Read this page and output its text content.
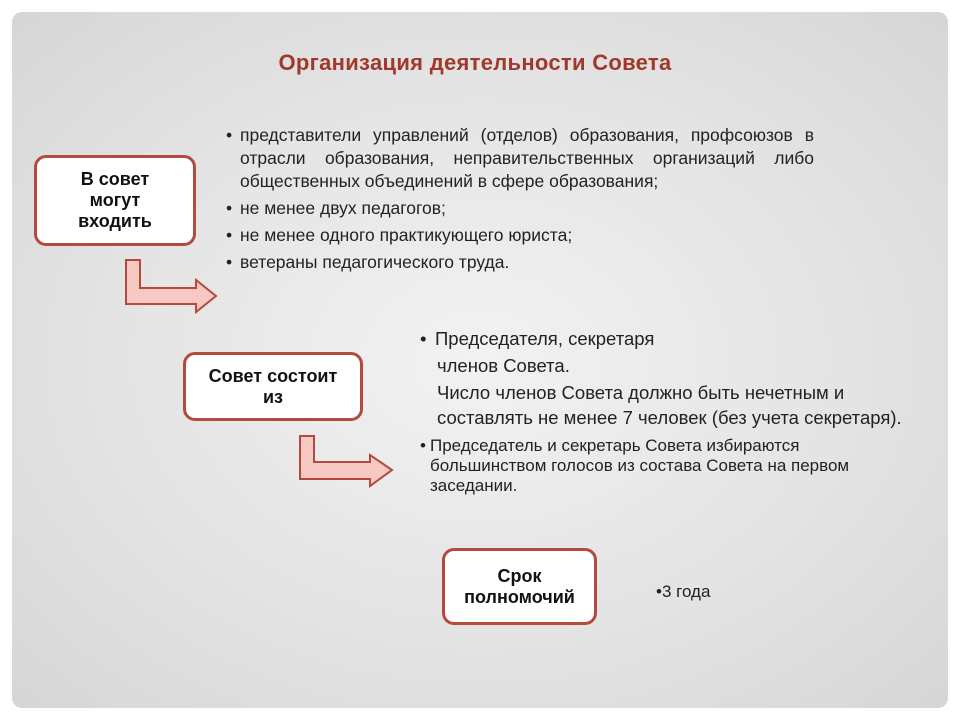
Организация деятельности Совета
В совет
могут
входить
• представители управлений (отделов) образования, профсоюзов в отрасли образования, неправительственных организаций либо общественных объединений в сфере образования;
• не менее двух педагогов;
• не менее одного практикующего юриста;
• ветераны педагогического труда.
Совет состоит
из
• Председателя, секретаря
членов Совета.
Число членов Совета должно быть нечетным и составлять не менее 7 человек (без учета секретаря).
• Председатель и секретарь Совета избираются большинством голосов из состава Совета на первом заседании.
Срок
полномочий	•3 года
